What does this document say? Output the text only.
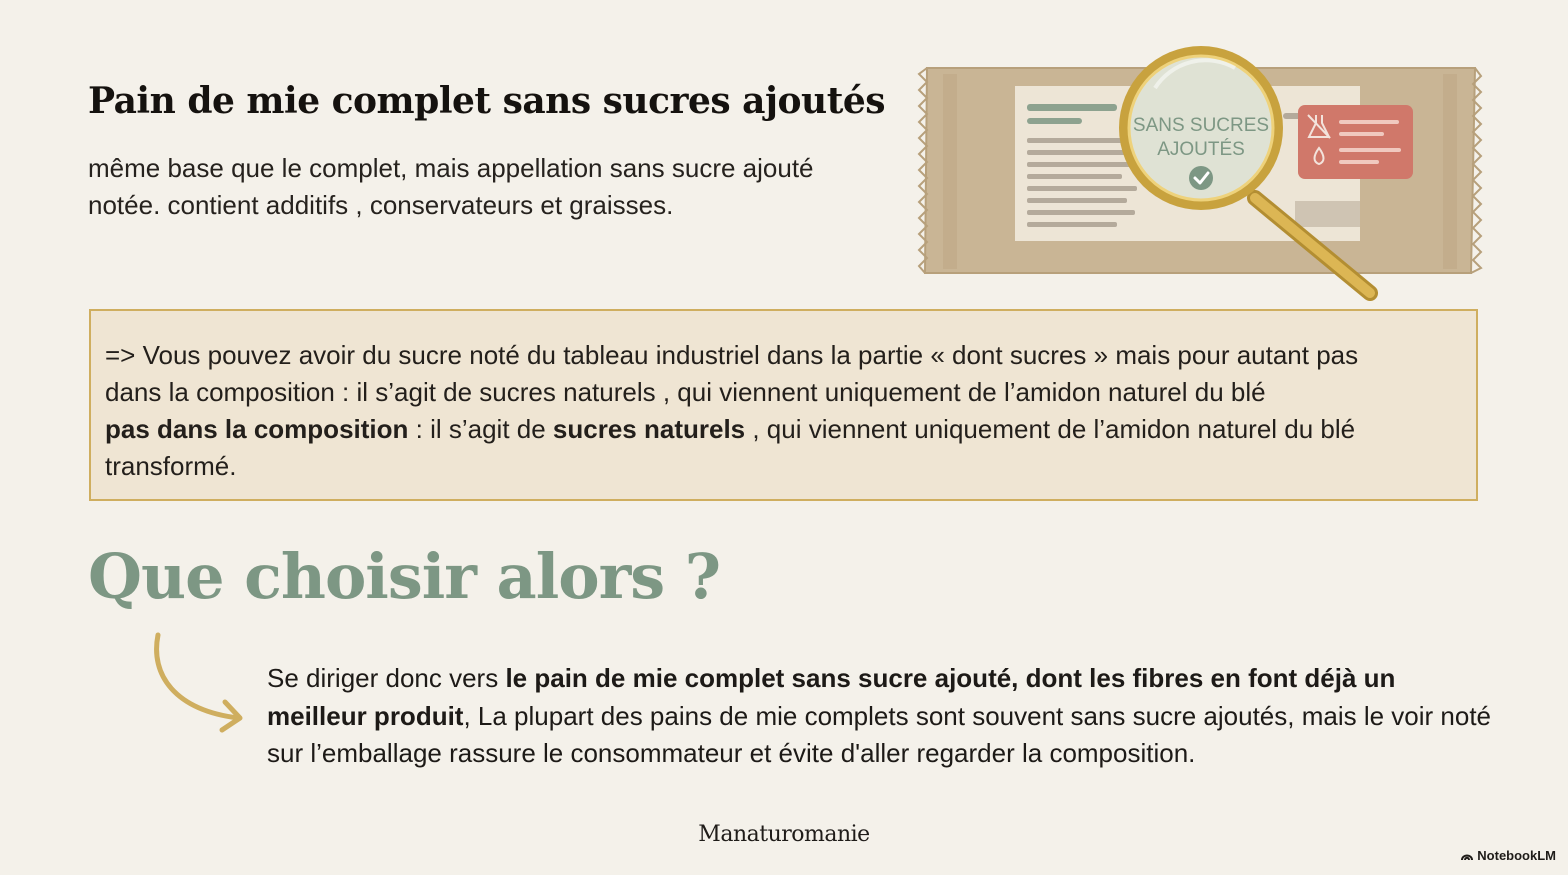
Pain de mie complet sans sucres ajoutés
même base que le complet, mais appellation sans sucre ajouté
notée. contient additifs , conservateurs et graisses.
SANS SUCRES
AJOUTÉS
=> Vous pouvez avoir du sucre noté du tableau industriel dans la partie « dont sucres » mais pour autant pas
dans la composition : il s’agit de sucres naturels , qui viennent uniquement de l’amidon naturel du blé
pas dans la composition : il s’agit de sucres naturels , qui viennent uniquement de l’amidon naturel du blé
transformé.
Que choisir alors ?
Se diriger donc vers le pain de mie complet sans sucre ajouté, dont les fibres en font déjà un meilleur produit, La plupart des pains de mie complets sont souvent sans sucre ajoutés, mais le voir noté sur l’emballage rassure le consommateur et évite d'aller regarder la composition.
Manaturomanie
NotebookLM
